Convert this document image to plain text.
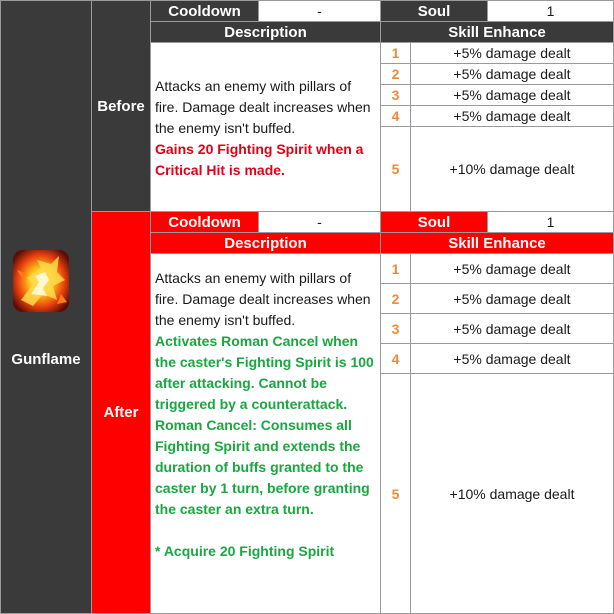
Gunflame
Before
Cooldown	-	Soul	1
Description	Skill Enhance
Attacks an enemy with pillars of fire. Damage dealt increases when the enemy isn't buffed.
Gains 20 Fighting Spirit when a Critical Hit is made.
1	+5% damage dealt
2	+5% damage dealt
3	+5% damage dealt
4	+5% damage dealt
5	+10% damage dealt
After
Cooldown	-	Soul	1
Description	Skill Enhance
Attacks an enemy with pillars of fire. Damage dealt increases when the enemy isn't buffed.
Activates Roman Cancel when the caster's Fighting Spirit is 100 after attacking. Cannot be triggered by a counterattack. Roman Cancel: Consumes all Fighting Spirit and extends the duration of buffs granted to the caster by 1 turn, before granting the caster an extra turn.
* Acquire 20 Fighting Spirit
1	+5% damage dealt
2	+5% damage dealt
3	+5% damage dealt
4	+5% damage dealt
5	+10% damage dealt
